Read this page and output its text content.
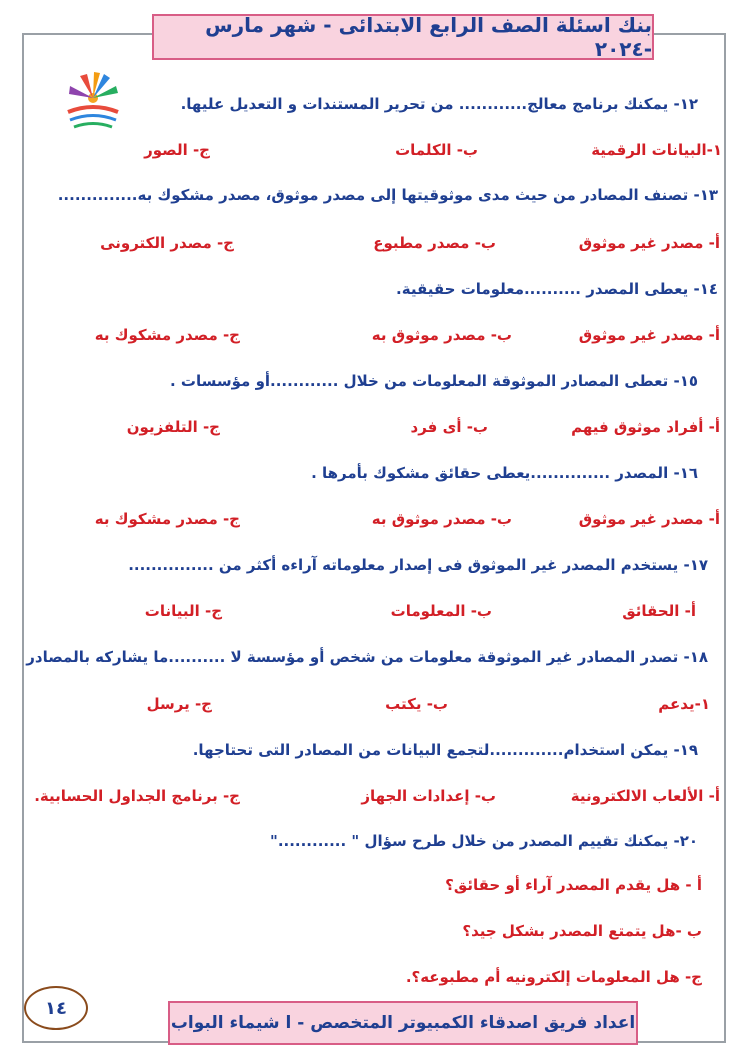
بنك اسئلة الصف الرابع الابتدائى - شهر مارس -٢٠٢٤
١٢- يمكنك برنامج معالج............ من تحرير المستندات و التعديل عليها.
١-البيانات الرقمية
ب- الكلمات
ج- الصور
١٣- تصنف المصادر من حيث مدى موثوقيتها إلى مصدر موثوق، مصدر مشكوك به..............
أ- مصدر غير موثوق
ب- مصدر مطبوع
ج- مصدر الكترونى
١٤- يعطى المصدر ..........معلومات حقيقية.
أ- مصدر غير موثوق
ب- مصدر موثوق به
ج- مصدر مشكوك به
١٥- تعطى المصادر الموثوقة المعلومات من خلال ............أو مؤسسات .
أ- أفراد موثوق فيهم
ب- أى فرد
ج- التلفزيون
١٦- المصدر ..............يعطى حقائق مشكوك بأمرها .
أ- مصدر غير موثوق
ب- مصدر موثوق به
ج- مصدر مشكوك به
١٧- يستخدم المصدر غير الموثوق فى إصدار معلوماته آراءه أكثر من ...............
أ- الحقائق
ب- المعلومات
ج- البيانات
١٨- تصدر المصادر غير الموثوقة معلومات من شخص أو مؤسسة لا ..........ما يشاركه بالمصادر
١-يدعم
ب- يكتب
ج- يرسل
١٩- يمكن استخدام.............لتجمع البيانات من المصادر التى تحتاجها.
أ- الألعاب الالكترونية
ب- إعدادات الجهاز
ج- برنامج الجداول الحسابية.
٢٠- يمكنك تقييم المصدر من خلال طرح سؤال " ............"
أ - هل يقدم المصدر آراء أو حقائق؟
ب -هل يتمتع المصدر بشكل جيد؟
ج- هل المعلومات إلكترونيه أم مطبوعه؟.
١٤
اعداد فريق اصدقاء الكمبيوتر المتخصص - ا شيماء البواب
